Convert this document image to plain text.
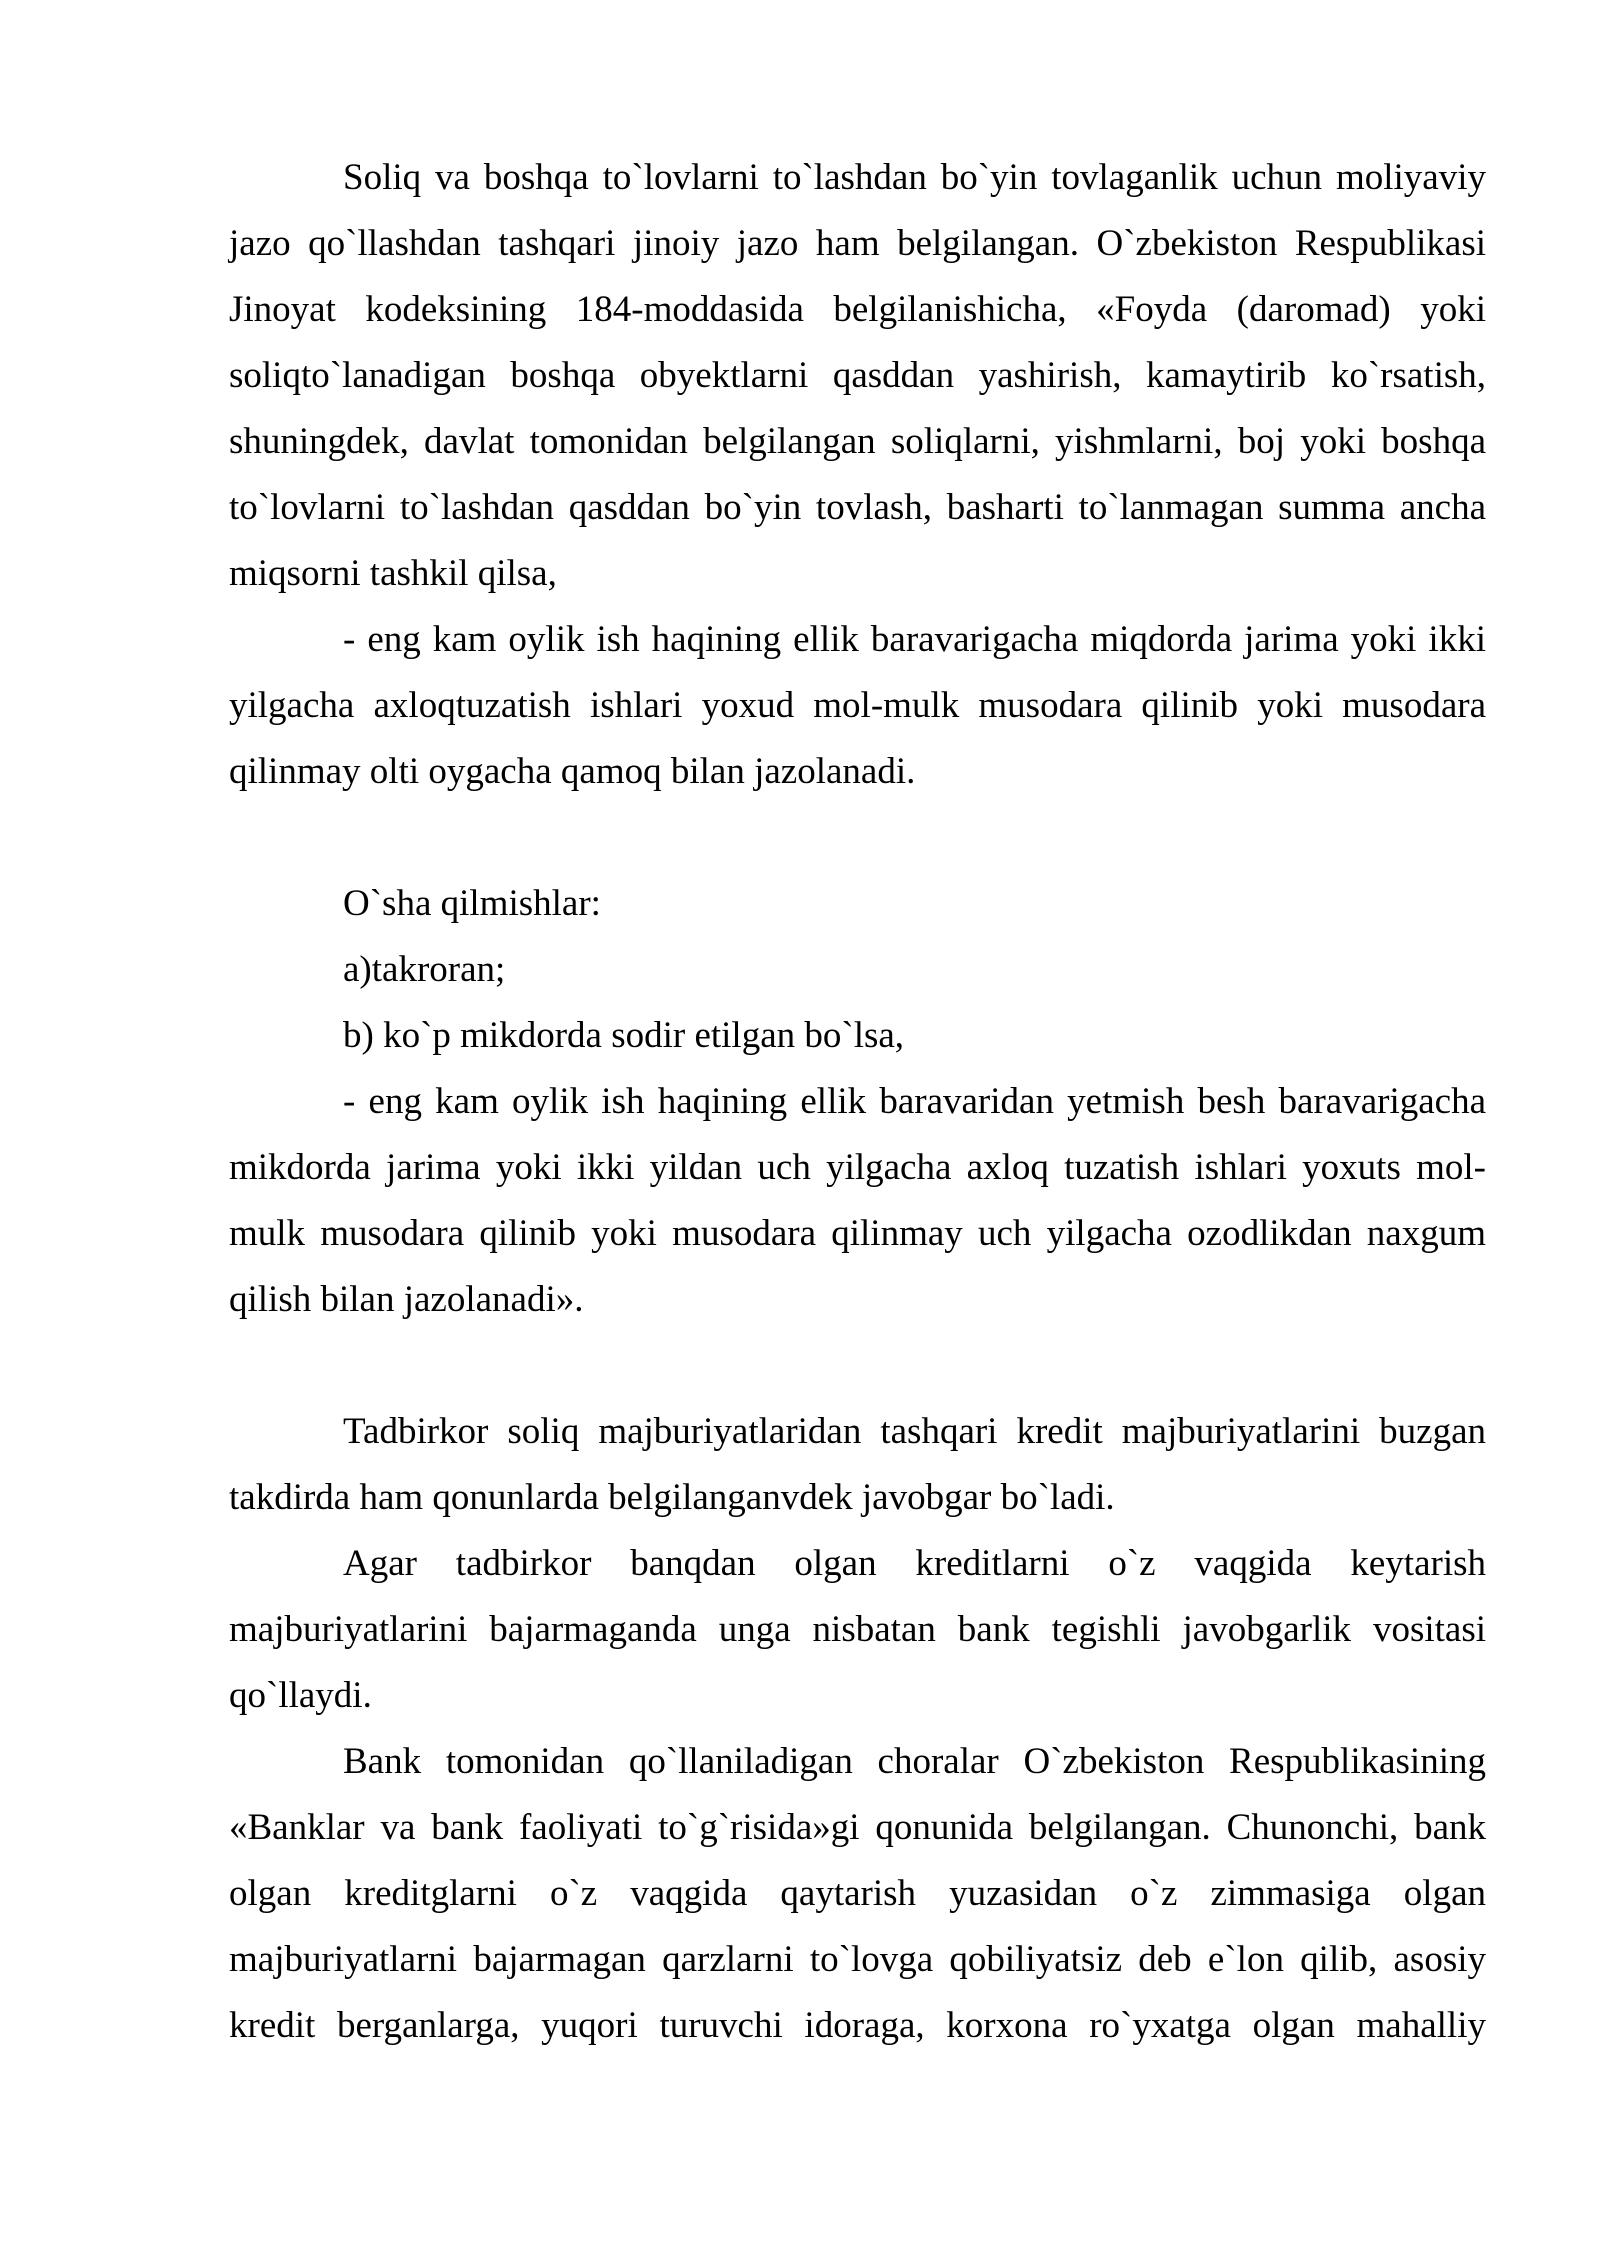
Soliq va boshqa to`lovlarni to`lashdan bo`yin tovlaganlik uchun moliyaviy jazo qo`llashdan tashqari jinoiy jazo ham belgilangan. O`zbekiston Respublikasi Jinoyat kodeksining 184-moddasida belgilanishicha, «Foyda (daromad) yoki soliqto`lanadigan boshqa obyektlarni qasddan yashirish, kamaytirib ko`rsatish, shuningdek, davlat tomonidan belgilangan soliqlarni, yishmlarni, boj yoki boshqa to`lovlarni to`lashdan qasddan bo`yin tovlash, basharti to`lanmagan summa ancha miqsorni tashkil qilsa,

- eng kam oylik ish haqining ellik baravarigacha miqdorda jarima yoki ikki yilgacha axloqtuzatish ishlari yoxud mol-mulk musodara qilinib yoki musodara qilinmay olti oygacha qamoq bilan jazolanadi.

O`sha qilmishlar:

a)takroran;

b) ko`p mikdorda sodir etilgan bo`lsa,

- eng kam oylik ish haqining ellik baravaridan yetmish besh baravarigacha mikdorda jarima yoki ikki yildan uch yilgacha axloq tuzatish ishlari yoxuts mol-mulk musodara qilinib yoki musodara qilinmay uch yilgacha ozodlikdan naxgum qilish bilan jazolanadi».

Tadbirkor soliq majburiyatlaridan tashqari kredit majburiyatlarini buzgan takdirda ham qonunlarda belgilanganvdek javobgar bo`ladi.

Agar tadbirkor banqdan olgan kreditlarni o`z vaqgida keytarish majburiyatlarini bajarmaganda unga nisbatan bank tegishli javobgarlik vositasi qo`llaydi.

Bank tomonidan qo`llaniladigan choralar O`zbekiston Respublikasining «Banklar va bank faoliyati to`g`risida»gi qonunida belgilangan. Chunonchi, bank olgan kreditglarni o`z vaqgida qaytarish yuzasidan o`z zimmasiga olgan majburiyatlarni bajarmagan qarzlarni to`lovga qobiliyatsiz deb e`lon qilib, asosiy kredit berganlarga, yuqori turuvchi idoraga, korxona ro`yxatga olgan mahalliy
